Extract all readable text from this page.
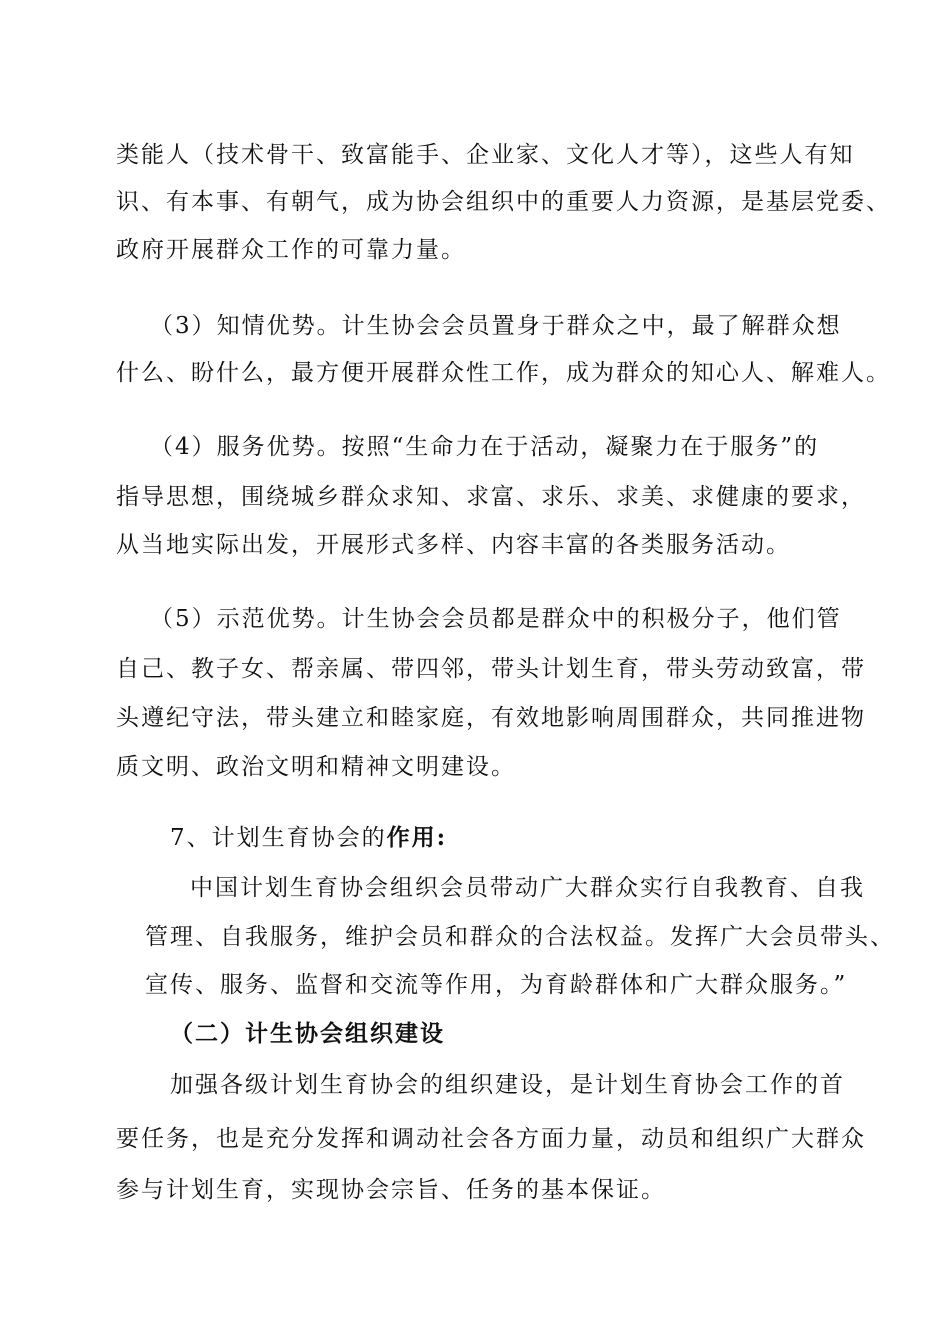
类能人（技术骨干、致富能手、企业家、文化人才等），这些人有知
识、有本事、有朝气，成为协会组织中的重要人力资源，是基层党委、
政府开展群众工作的可靠力量。
（3）知情优势。计生协会会员置身于群众之中，最了解群众想
什么、盼什么，最方便开展群众性工作，成为群众的知心人、解难人。
（4）服务优势。按照“生命力在于活动，凝聚力在于服务”的
指导思想，围绕城乡群众求知、求富、求乐、求美、求健康的要求，
从当地实际出发，开展形式多样、内容丰富的各类服务活动。
（5）示范优势。计生协会会员都是群众中的积极分子，他们管
自己、教子女、帮亲属、带四邻，带头计划生育，带头劳动致富，带
头遵纪守法，带头建立和睦家庭，有效地影响周围群众，共同推进物
质文明、政治文明和精神文明建设。
7、计划生育协会的作用:
中国计划生育协会组织会员带动广大群众实行自我教育、自我
管理、自我服务，维护会员和群众的合法权益。发挥广大会员带头、
宣传、服务、监督和交流等作用，为育龄群体和广大群众服务。”
（二）计生协会组织建设
加强各级计划生育协会的组织建设，是计划生育协会工作的首
要任务，也是充分发挥和调动社会各方面力量，动员和组织广大群众
参与计划生育，实现协会宗旨、任务的基本保证。
